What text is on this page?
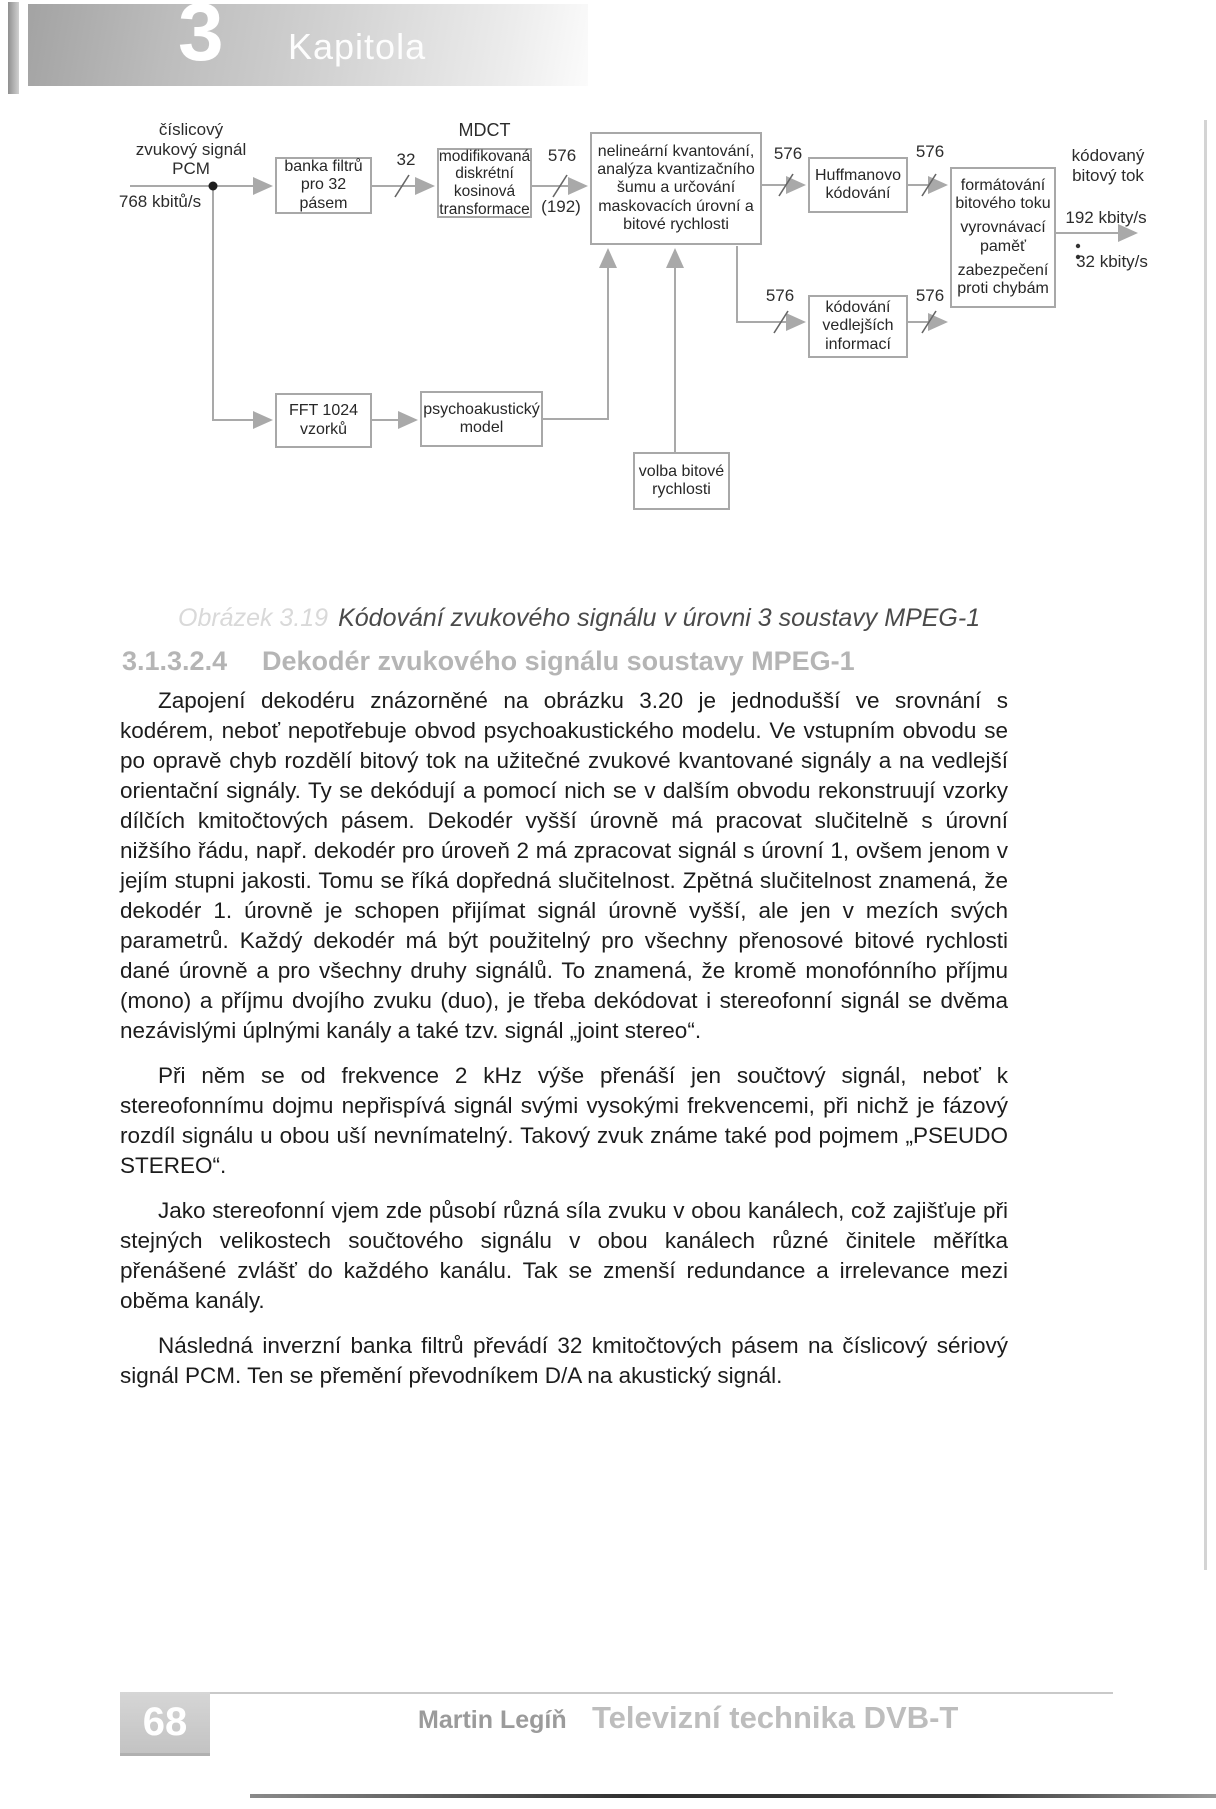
3 Kapitola
číslicový zvukový signál PCM
768 kbitů/s
banka filtrů pro 32 pásem
MDCT
modifikovaná diskrétní kosinová transformace
nelineární kvantování, analýza kvantizačního šumu a určování maskovacích úrovní a bitové rychlosti
Huffmanovo kódování	formátování bitového toku
vyrovnávací paměť
zabezpečení proti chybám
kódování vedlejších informací
FFT 1024 vzorků
psychoakustický model
volba bitové rychlosti
32	576
(192)
576	576
576	576
kódovaný bitový tok
192 kbity/s
32 kbity/s
Obrázek 3.19 Kódování zvukového signálu v úrovni 3 soustavy MPEG-1
3.1.3.2.4 Dekodér zvukového signálu soustavy MPEG-1

Zapojení dekodéru znázorněné na obrázku 3.20 je jednodušší ve srovnání s kodérem, neboť nepotřebuje obvod psychoakustického modelu. Ve vstupním obvodu se po opravě chyb rozdělí bitový tok na užitečné zvukové kvantované signály a na vedlejší orientační signály. Ty se dekódují a pomocí nich se v dalším obvodu rekonstruují vzorky dílčích kmitočtových pásem. Dekodér vyšší úrovně má pracovat slučitelně s úrovní nižšího řádu, např. dekodér pro úroveň 2 má zpracovat signál s úrovní 1, ovšem jenom v jejím stupni jakosti. Tomu se říká dopředná slučitelnost. Zpětná slučitelnost znamená, že dekodér 1. úrovně je schopen přijímat signál úrovně vyšší, ale jen v mezích svých parametrů. Každý dekodér má být použitelný pro všechny přenosové bitové rychlosti dané úrovně a pro všechny druhy signálů. To znamená, že kromě monofónního příjmu (mono) a příjmu dvojího zvuku (duo), je třeba dekódovat i stereofonní signál se dvěma nezávislými úplnými kanály a také tzv. signál „joint stereo“.

Při něm se od frekvence 2 kHz výše přenáší jen součtový signál, neboť k stereofonnímu dojmu nepřispívá signál svými vysokými frekvencemi, při nichž je fázový rozdíl signálu u obou uší nevnímatelný. Takový zvuk známe také pod pojmem „PSEUDO STEREO“.

Jako stereofonní vjem zde působí různá síla zvuku v obou kanálech, což zajišťuje při stejných velikostech součtového signálu v obou kanálech různé činitele měřítka přenášené zvlášť do každého kanálu. Tak se zmenší redundance a irrelevance mezi oběma kanály.

Následná inverzní banka filtrů převádí 32 kmitočtových pásem na číslicový sériový signál PCM. Ten se přemění převodníkem D/A na akustický signál.

68	Martin Legíň Televizní technika DVB-T
